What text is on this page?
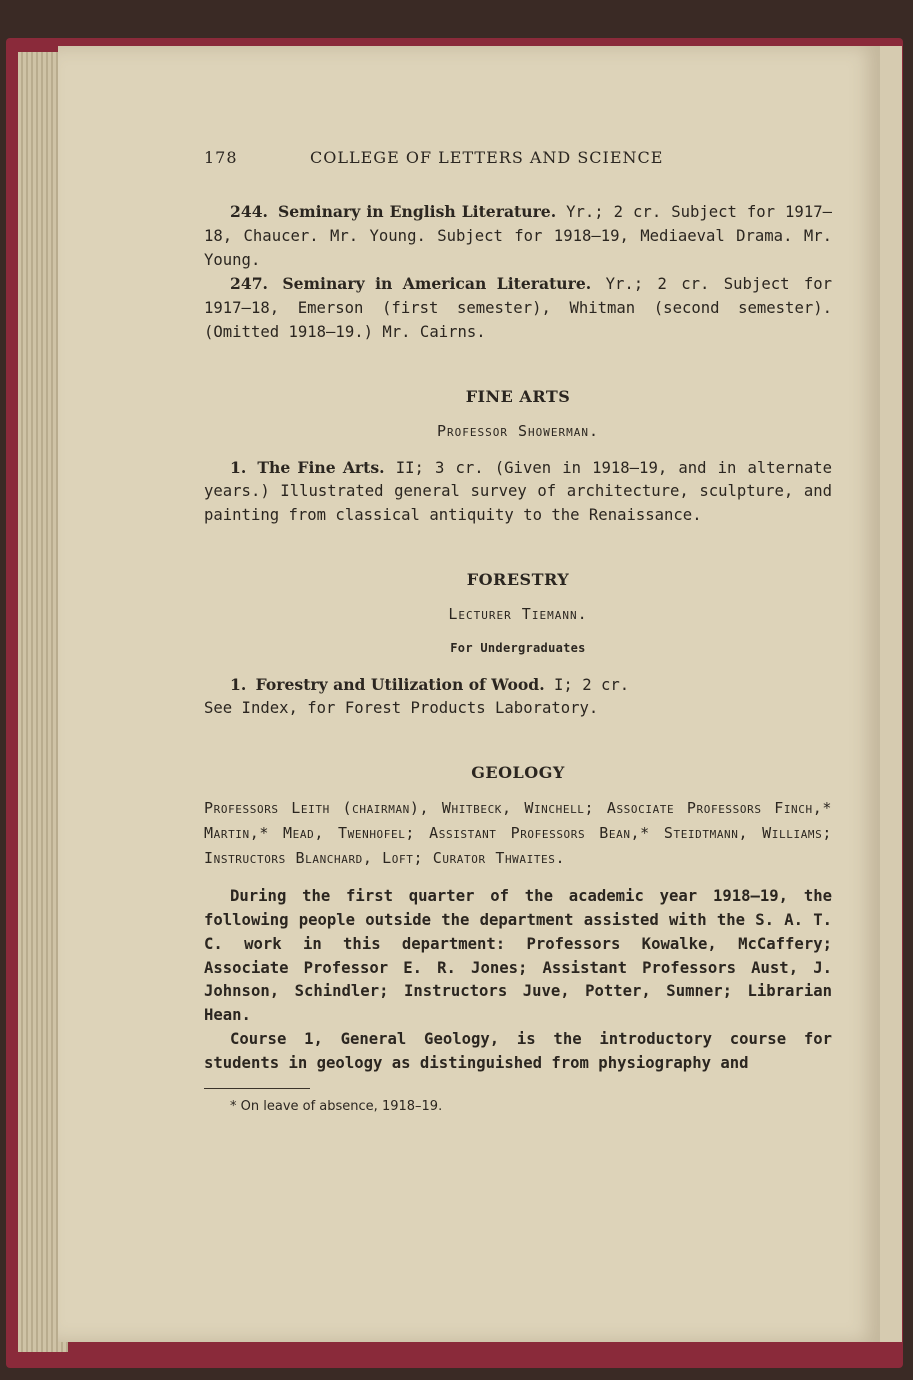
178	COLLEGE OF LETTERS AND SCIENCE

244. Seminary in English Literature. Yr.; 2 cr. Subject for 1917–18, Chaucer. Mr. Young. Subject for 1918–19, Mediaeval Drama. Mr. Young.

247. Seminary in American Literature. Yr.; 2 cr. Subject for 1917–18, Emerson (first semester), Whitman (second semester). (Omitted 1918–19.) Mr. Cairns.

FINE ARTS

Professor Showerman.

1. The Fine Arts. II; 3 cr. (Given in 1918–19, and in alternate years.) Illustrated general survey of architecture, sculpture, and painting from classical antiquity to the Renaissance.

FORESTRY

Lecturer Tiemann.

For Undergraduates

1. Forestry and Utilization of Wood. I; 2 cr.

See Index, for Forest Products Laboratory.

GEOLOGY

Professors Leith (chairman), Whitbeck, Winchell; Associate Professors Finch,* Martin,* Mead, Twenhofel; Assistant Professors Bean,* Steidtmann, Williams; Instructors Blanchard, Loft; Curator Thwaites.

During the first quarter of the academic year 1918–19, the following people outside the department assisted with the S. A. T. C. work in this department: Professors Kowalke, McCaffery; Associate Professor E. R. Jones; Assistant Professors Aust, J. Johnson, Schindler; Instructors Juve, Potter, Sumner; Librarian Hean.

Course 1, General Geology, is the introductory course for students in geology as distinguished from physiography and

* On leave of absence, 1918–19.
